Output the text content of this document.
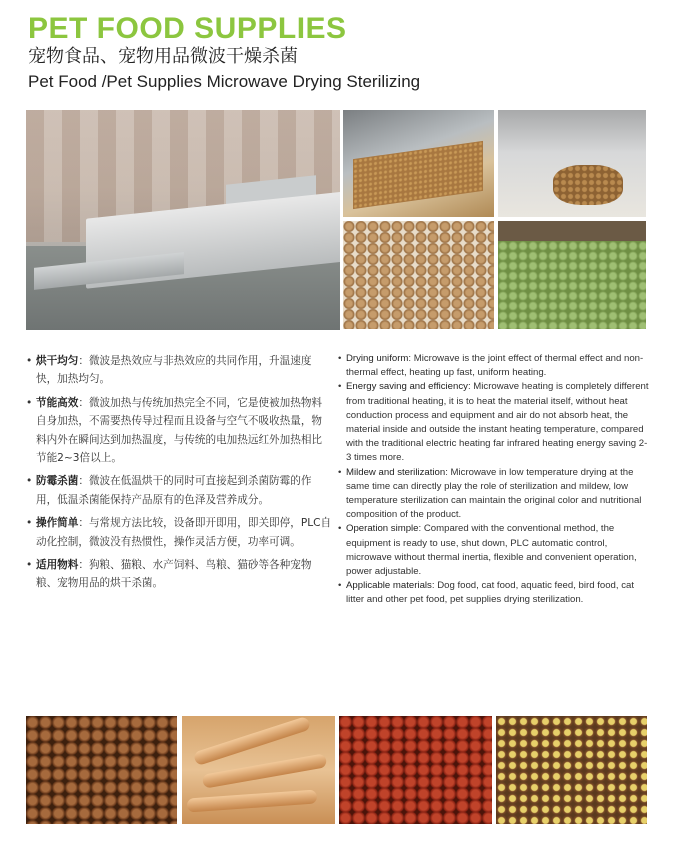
PET FOOD SUPPLIES
宠物食品、宠物用品微波干燥杀菌
Pet Food /Pet Supplies Microwave Drying Sterilizing
• 烘干均匀：微波是热效应与非热效应的共同作用，升温速度快，加热均匀。
• 节能高效：微波加热与传统加热完全不同，它是使被加热物料自身加热，不需要热传导过程而且设备与空气不吸收热量，物料内外在瞬间达到加热温度，与传统的电加热远红外加热相比节能2~3倍以上。
• 防霉杀菌：微波在低温烘干的同时可直接起到杀菌防霉的作用，低温杀菌能保持产品原有的色泽及营养成分。
• 操作简单：与常规方法比较，设备即开即用，即关即停，PLC自动化控制，微波没有热惯性，操作灵活方便，功率可调。
• 适用物料：狗粮、猫粮、水产饲料、鸟粮、猫砂等各种宠物粮、宠物用品的烘干杀菌。
• Drying uniform: Microwave is the joint effect of thermal effect and non-thermal effect, heating up fast, uniform heating.
• Energy saving and efficiency: Microwave heating is completely different from traditional heating, it is to heat the material itself, without heat conduction process and equipment and air do not absorb heat, the material inside and outside the instant heating temperature, compared with the traditional electric heating far infrared heating energy saving 2-3 times more.
• Mildew and sterilization: Microwave in low temperature drying at the same time can directly play the role of sterilization and mildew, low temperature sterilization can maintain the original color and nutritional composition of the product.
• Operation simple: Compared with the conventional method, the equipment is ready to use, shut down, PLC automatic control, microwave without thermal inertia, flexible and convenient operation, power adjustable.
• Applicable materials: Dog food, cat food, aquatic feed, bird food, cat litter and other pet food, pet supplies drying sterilization.
